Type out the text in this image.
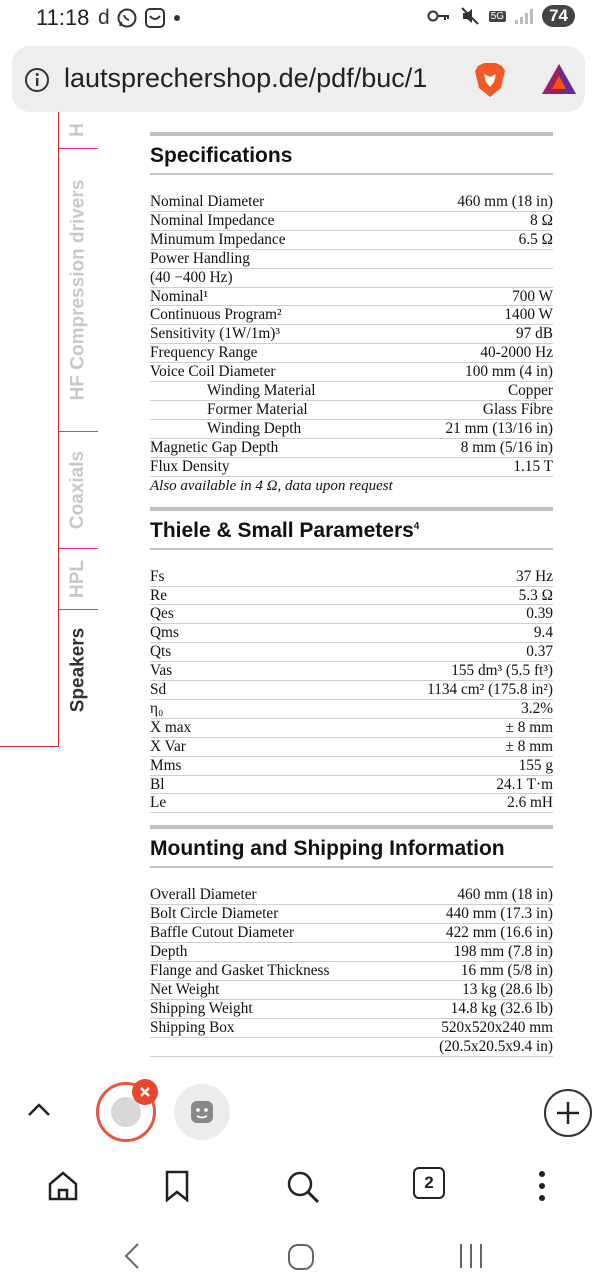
11:18 d	5G	74
lautsprechershop.de/pdf/buc/1
H
HF Compression drivers
Coaxials
HPL
Speakers
Specifications
Nominal Diameter	460 mm (18 in)
Nominal Impedance	8 Ω
Minumum Impedance	6.5 Ω
Power Handling
(40 −400 Hz)
Nominal¹	700 W
Continuous Program²	1400 W
Sensitivity (1W/1m)³	97 dB
Frequency Range	40-2000 Hz
Voice Coil Diameter	100 mm (4 in)
Winding Material	Copper
Former Material	Glass Fibre
Winding Depth	21 mm (13/16 in)
Magnetic Gap Depth	8 mm (5/16 in)
Flux Density	1.15 T
Also available in 4 Ω, data upon request
Thiele & Small Parameters$^4$
Fs	37 Hz
Re	5.3 Ω
Qes	0.39
Qms	9.4
Qts	0.37
Vas	155 dm³ (5.5 ft³)
Sd	1134 cm² (175.8 in²)
η₀	3.2%
X max	± 8 mm
X Var	± 8 mm
Mms	155 g
Bl	24.1 T·m
Le	2.6 mH
Mounting and Shipping Information
Overall Diameter	460 mm (18 in)
Bolt Circle Diameter	440 mm (17.3 in)
Baffle Cutout Diameter	422 mm (16.6 in)
Depth	198 mm (7.8 in)
Flange and Gasket Thickness	16 mm (5/8 in)
Net Weight	13 kg (28.6 lb)
Shipping Weight	14.8 kg (32.6 lb)
Shipping Box	520x520x240 mm
(20.5x20.5x9.4 in)
2
